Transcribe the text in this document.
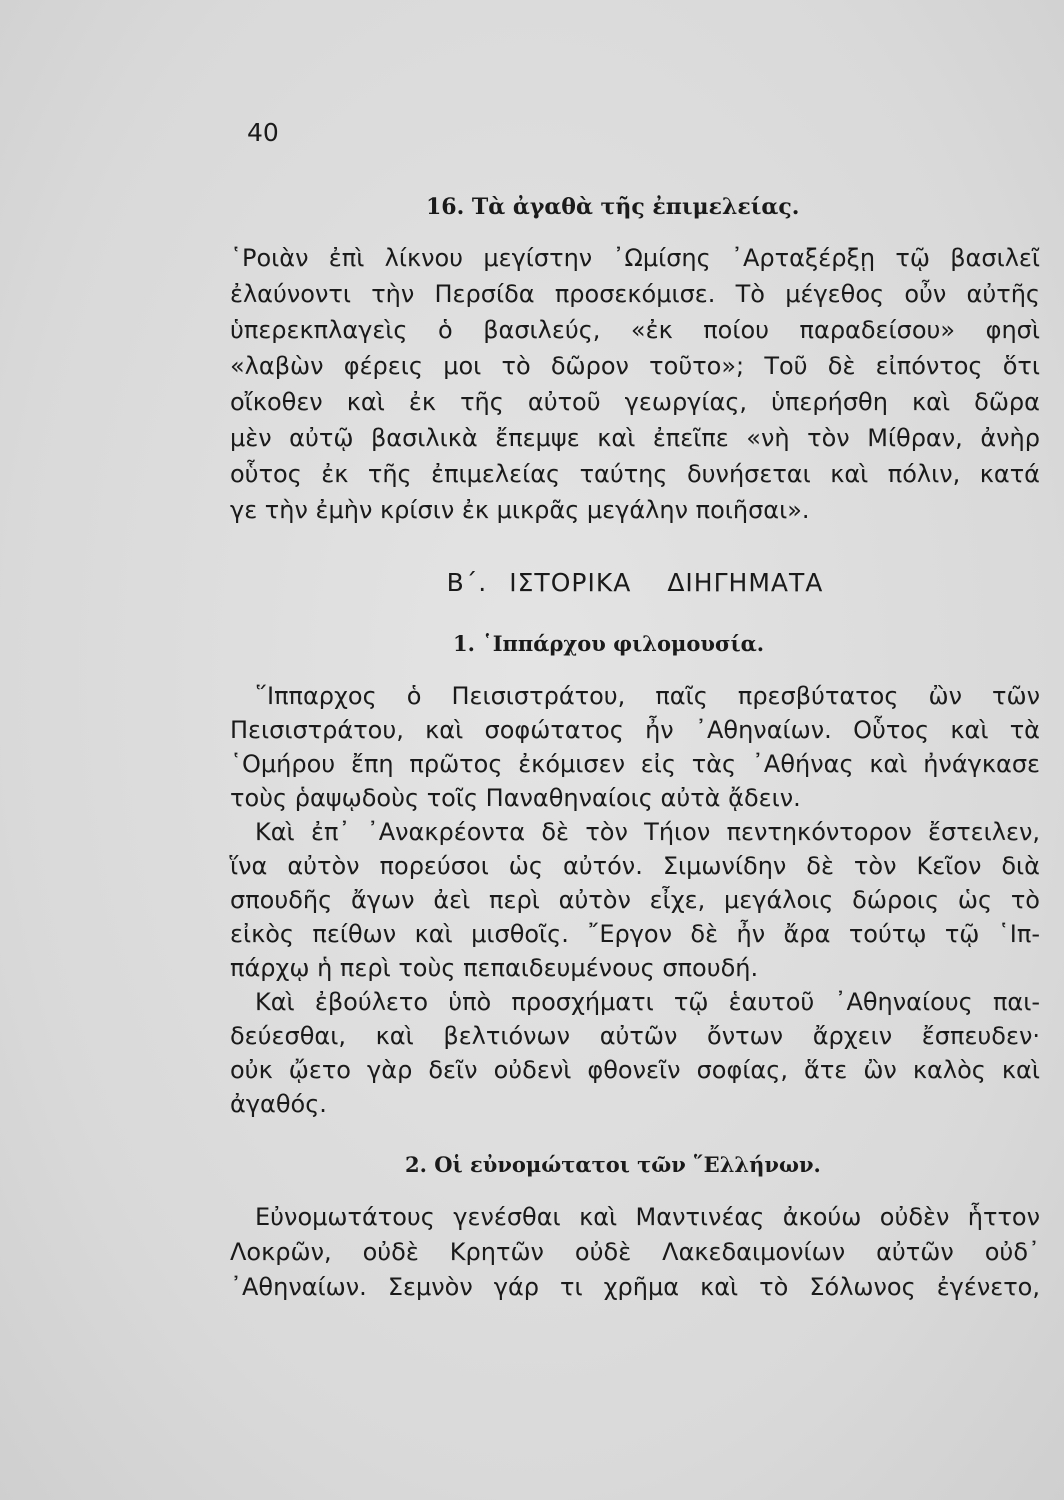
40
16. Τὰ ἀγαθὰ τῆς ἐπιμελείας.
῾Ροιὰν ἐπὶ λίκνου μεγίστην ᾿Ωμίσης ᾿Αρταξέρξῃ τῷ βασιλεῖ
ἐλαύνοντι τὴν Περσίδα προσεκόμισε. Τὸ μέγεθος οὖν αὐτῆς
ὑπερεκπλαγεὶς ὁ βασιλεύς, «ἐκ ποίου παραδείσου» φησὶ
«λαβὼν φέρεις μοι τὸ δῶρον τοῦτο»; Τοῦ δὲ εἰπόντος ὅτι
οἴκοθεν καὶ ἐκ τῆς αὐτοῦ γεωργίας, ὑπερήσθη καὶ δῶρα
μὲν αὐτῷ βασιλικὰ ἔπεμψε καὶ ἐπεῖπε «νὴ τὸν Μίθραν, ἀνὴρ
οὗτος ἐκ τῆς ἐπιμελείας ταύτης δυνήσεται καὶ πόλιν, κατά
γε τὴν ἐμὴν κρίσιν ἐκ μικρᾶς μεγάλην ποιῆσαι».
Β΄. ΙΣΤΟΡΙΚΑ ΔΙΗΓΗΜΑΤΑ
1. ῾Ιππάρχου φιλομουσία.
῞Ιππαρχος ὁ Πεισιστράτου, παῖς πρεσβύτατος ὢν τῶν
Πεισιστράτου, καὶ σοφώτατος ἦν ᾿Αθηναίων. Οὗτος καὶ τὰ
῾Ομήρου ἔπη πρῶτος ἐκόμισεν εἰς τὰς ᾿Αθήνας καὶ ἠνάγκασε
τοὺς ῥαψῳδοὺς τοῖς Παναθηναίοις αὐτὰ ᾄδειν.
Καὶ ἐπ᾿ ᾿Ανακρέοντα δὲ τὸν Τήιον πεντηκόντορον ἔστειλεν,
ἵνα αὐτὸν πορεύσοι ὡς αὐτόν. Σιμωνίδην δὲ τὸν Κεῖον διὰ
σπουδῆς ἄγων ἀεὶ περὶ αὐτὸν εἶχε, μεγάλοις δώροις ὡς τὸ
εἰκὸς πείθων καὶ μισθοῖς. ῎Εργον δὲ ἦν ἄρα τούτῳ τῷ ῾Ιπ-
πάρχῳ ἡ περὶ τοὺς πεπαιδευμένους σπουδή.
Καὶ ἐβούλετο ὑπὸ προσχήματι τῷ ἑαυτοῦ ᾿Αθηναίους παι-
δεύεσθαι, καὶ βελτιόνων αὐτῶν ὄντων ἄρχειν ἔσπευδεν·
οὐκ ᾤετο γὰρ δεῖν οὐδενὶ φθονεῖν σοφίας, ἅτε ὢν καλὸς καὶ
ἀγαθός.
2. Οἱ εὐνομώτατοι τῶν ῞Ελλήνων.
Εὐνομωτάτους γενέσθαι καὶ Μαντινέας ἀκούω οὐδὲν ἧττον
Λοκρῶν, οὐδὲ Κρητῶν οὐδὲ Λακεδαιμονίων αὐτῶν οὐδ᾿
᾿Αθηναίων. Σεμνὸν γάρ τι χρῆμα καὶ τὸ Σόλωνος ἐγένετο,
